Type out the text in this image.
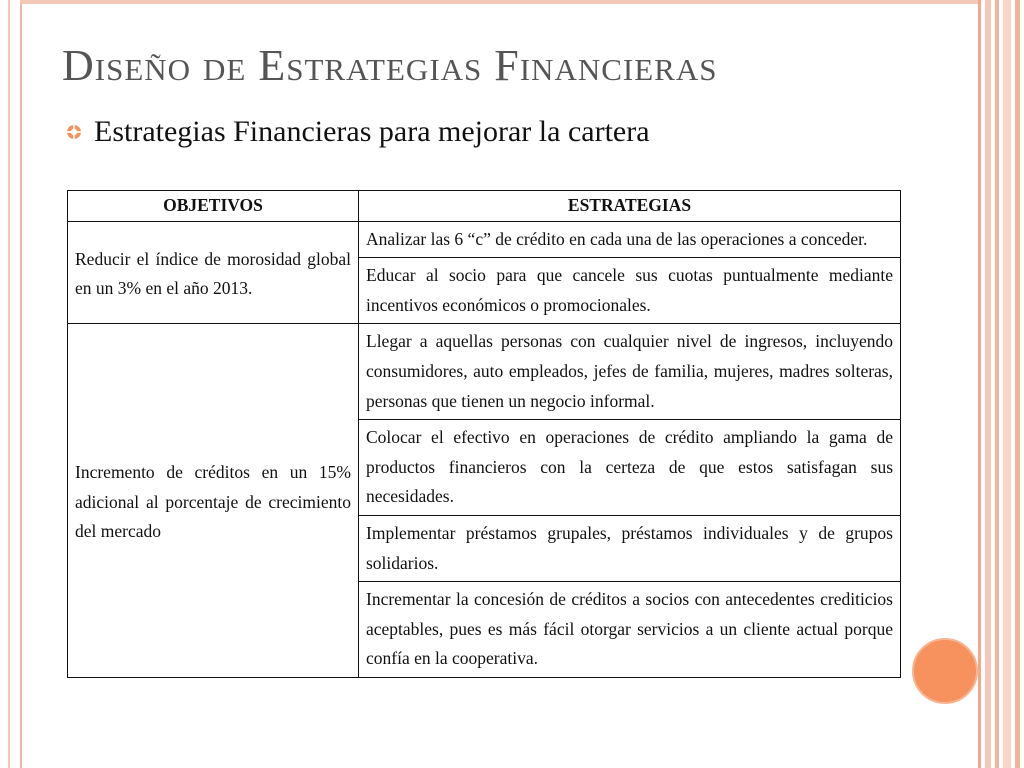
Diseño de Estrategias Financieras
Estrategias Financieras para mejorar la cartera
OBJETIVOS	ESTRATEGIAS
Reducir el índice de morosidad global en un 3% en el año 2013.	Analizar las 6 “c” de crédito en cada una de las operaciones a conceder.
	Educar al socio para que cancele sus cuotas puntualmente mediante incentivos económicos o promocionales.
Incremento de créditos en un 15% adicional al porcentaje de crecimiento del mercado	Llegar a aquellas personas con cualquier nivel de ingresos, incluyendo consumidores, auto empleados, jefes de familia, mujeres, madres solteras, personas que tienen un negocio informal.
	Colocar el efectivo en operaciones de crédito ampliando la gama de productos financieros con la certeza de que estos satisfagan sus necesidades.
	Implementar préstamos grupales, préstamos individuales y de grupos solidarios.
	Incrementar la concesión de créditos a socios con antecedentes crediticios aceptables, pues es más fácil otorgar servicios a un cliente actual porque confía en la cooperativa.
